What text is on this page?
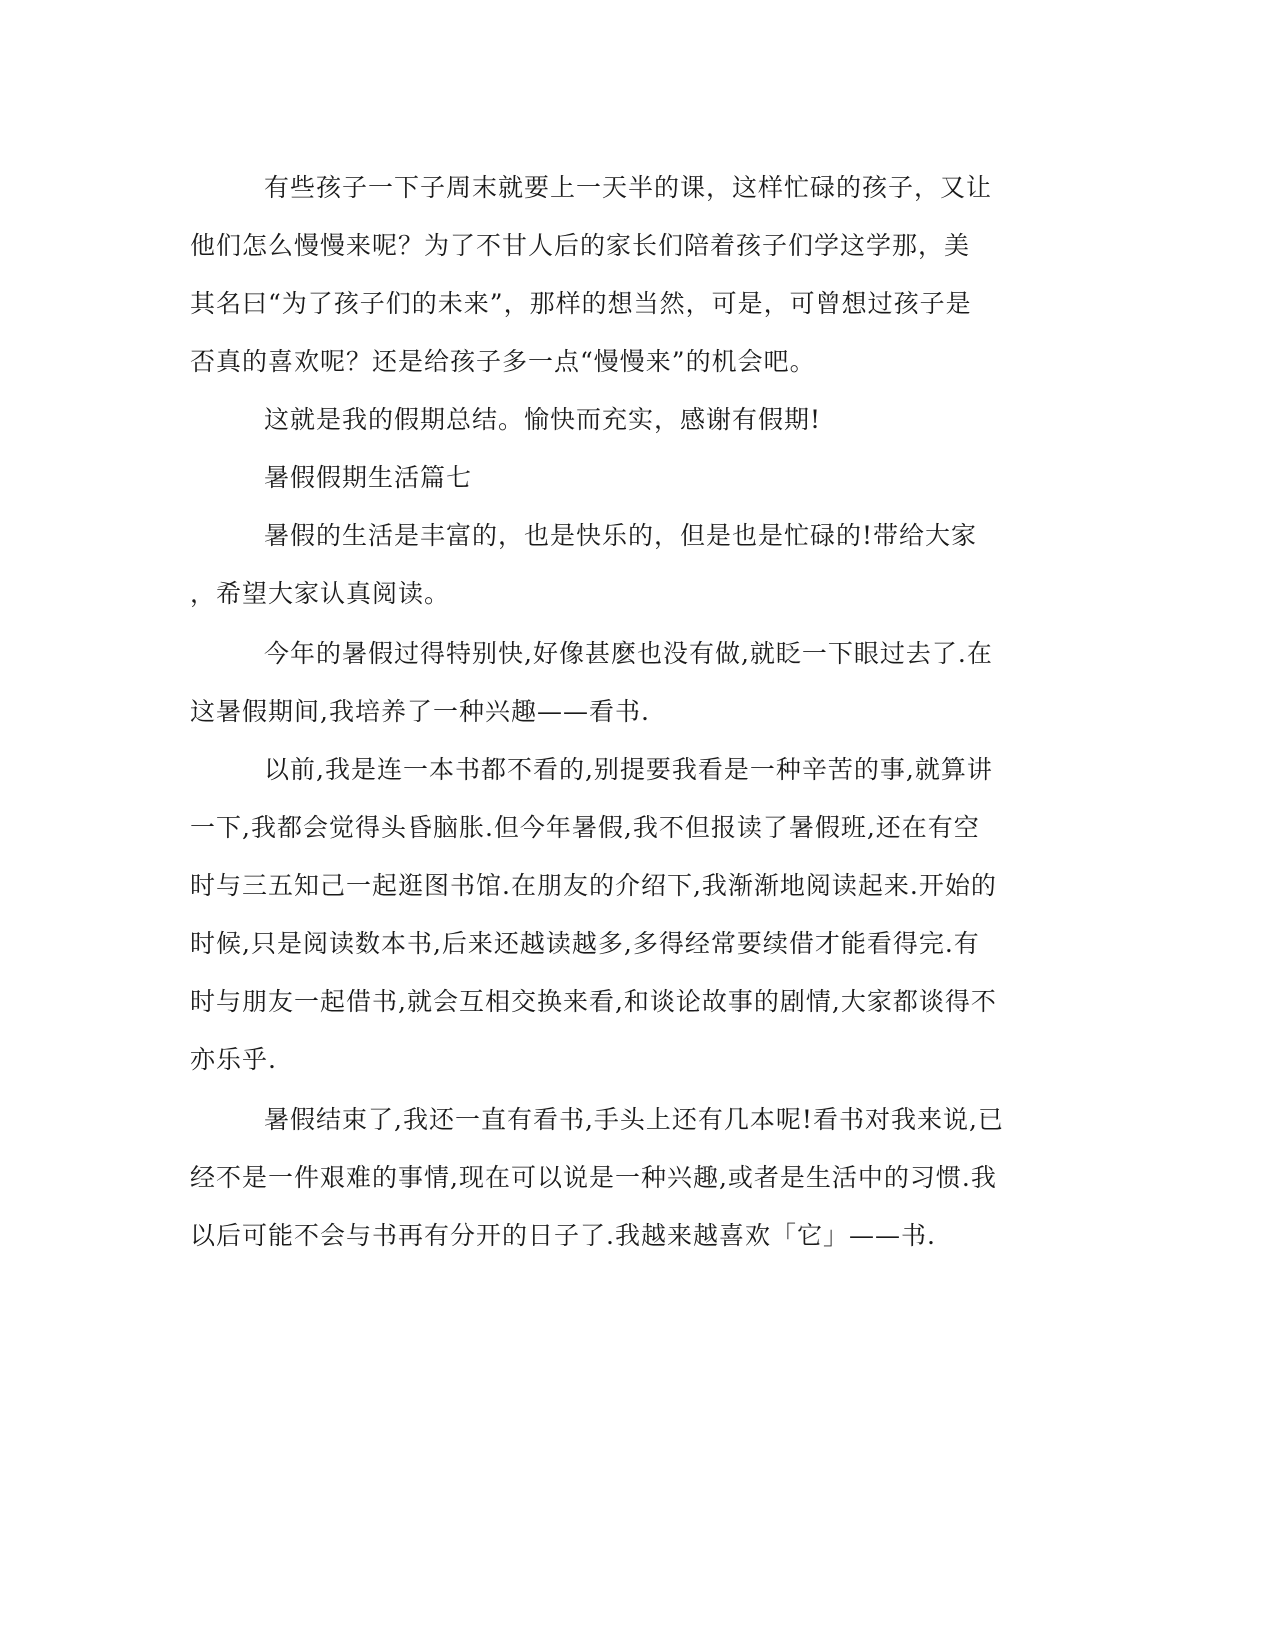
有些孩子一下子周末就要上一天半的课，这样忙碌的孩子，又让
他们怎么慢慢来呢？为了不甘人后的家长们陪着孩子们学这学那，美
其名曰“为了孩子们的未来”，那样的想当然，可是，可曾想过孩子是
否真的喜欢呢？还是给孩子多一点“慢慢来”的机会吧。
这就是我的假期总结。愉快而充实，感谢有假期!
暑假假期生活篇七
暑假的生活是丰富的，也是快乐的，但是也是忙碌的!带给大家
，希望大家认真阅读。
今年的暑假过得特别快,好像甚麽也没有做,就眨一下眼过去了.在
这暑假期间,我培养了一种兴趣——看书.
以前,我是连一本书都不看的,别提要我看是一种辛苦的事,就算讲
一下,我都会觉得头昏脑胀.但今年暑假,我不但报读了暑假班,还在有空
时与三五知己一起逛图书馆.在朋友的介绍下,我渐渐地阅读起来.开始的
时候,只是阅读数本书,后来还越读越多,多得经常要续借才能看得完.有
时与朋友一起借书,就会互相交换来看,和谈论故事的剧情,大家都谈得不
亦乐乎.
暑假结束了,我还一直有看书,手头上还有几本呢!看书对我来说,已
经不是一件艰难的事情,现在可以说是一种兴趣,或者是生活中的习惯.我
以后可能不会与书再有分开的日子了.我越来越喜欢「它」——书.
